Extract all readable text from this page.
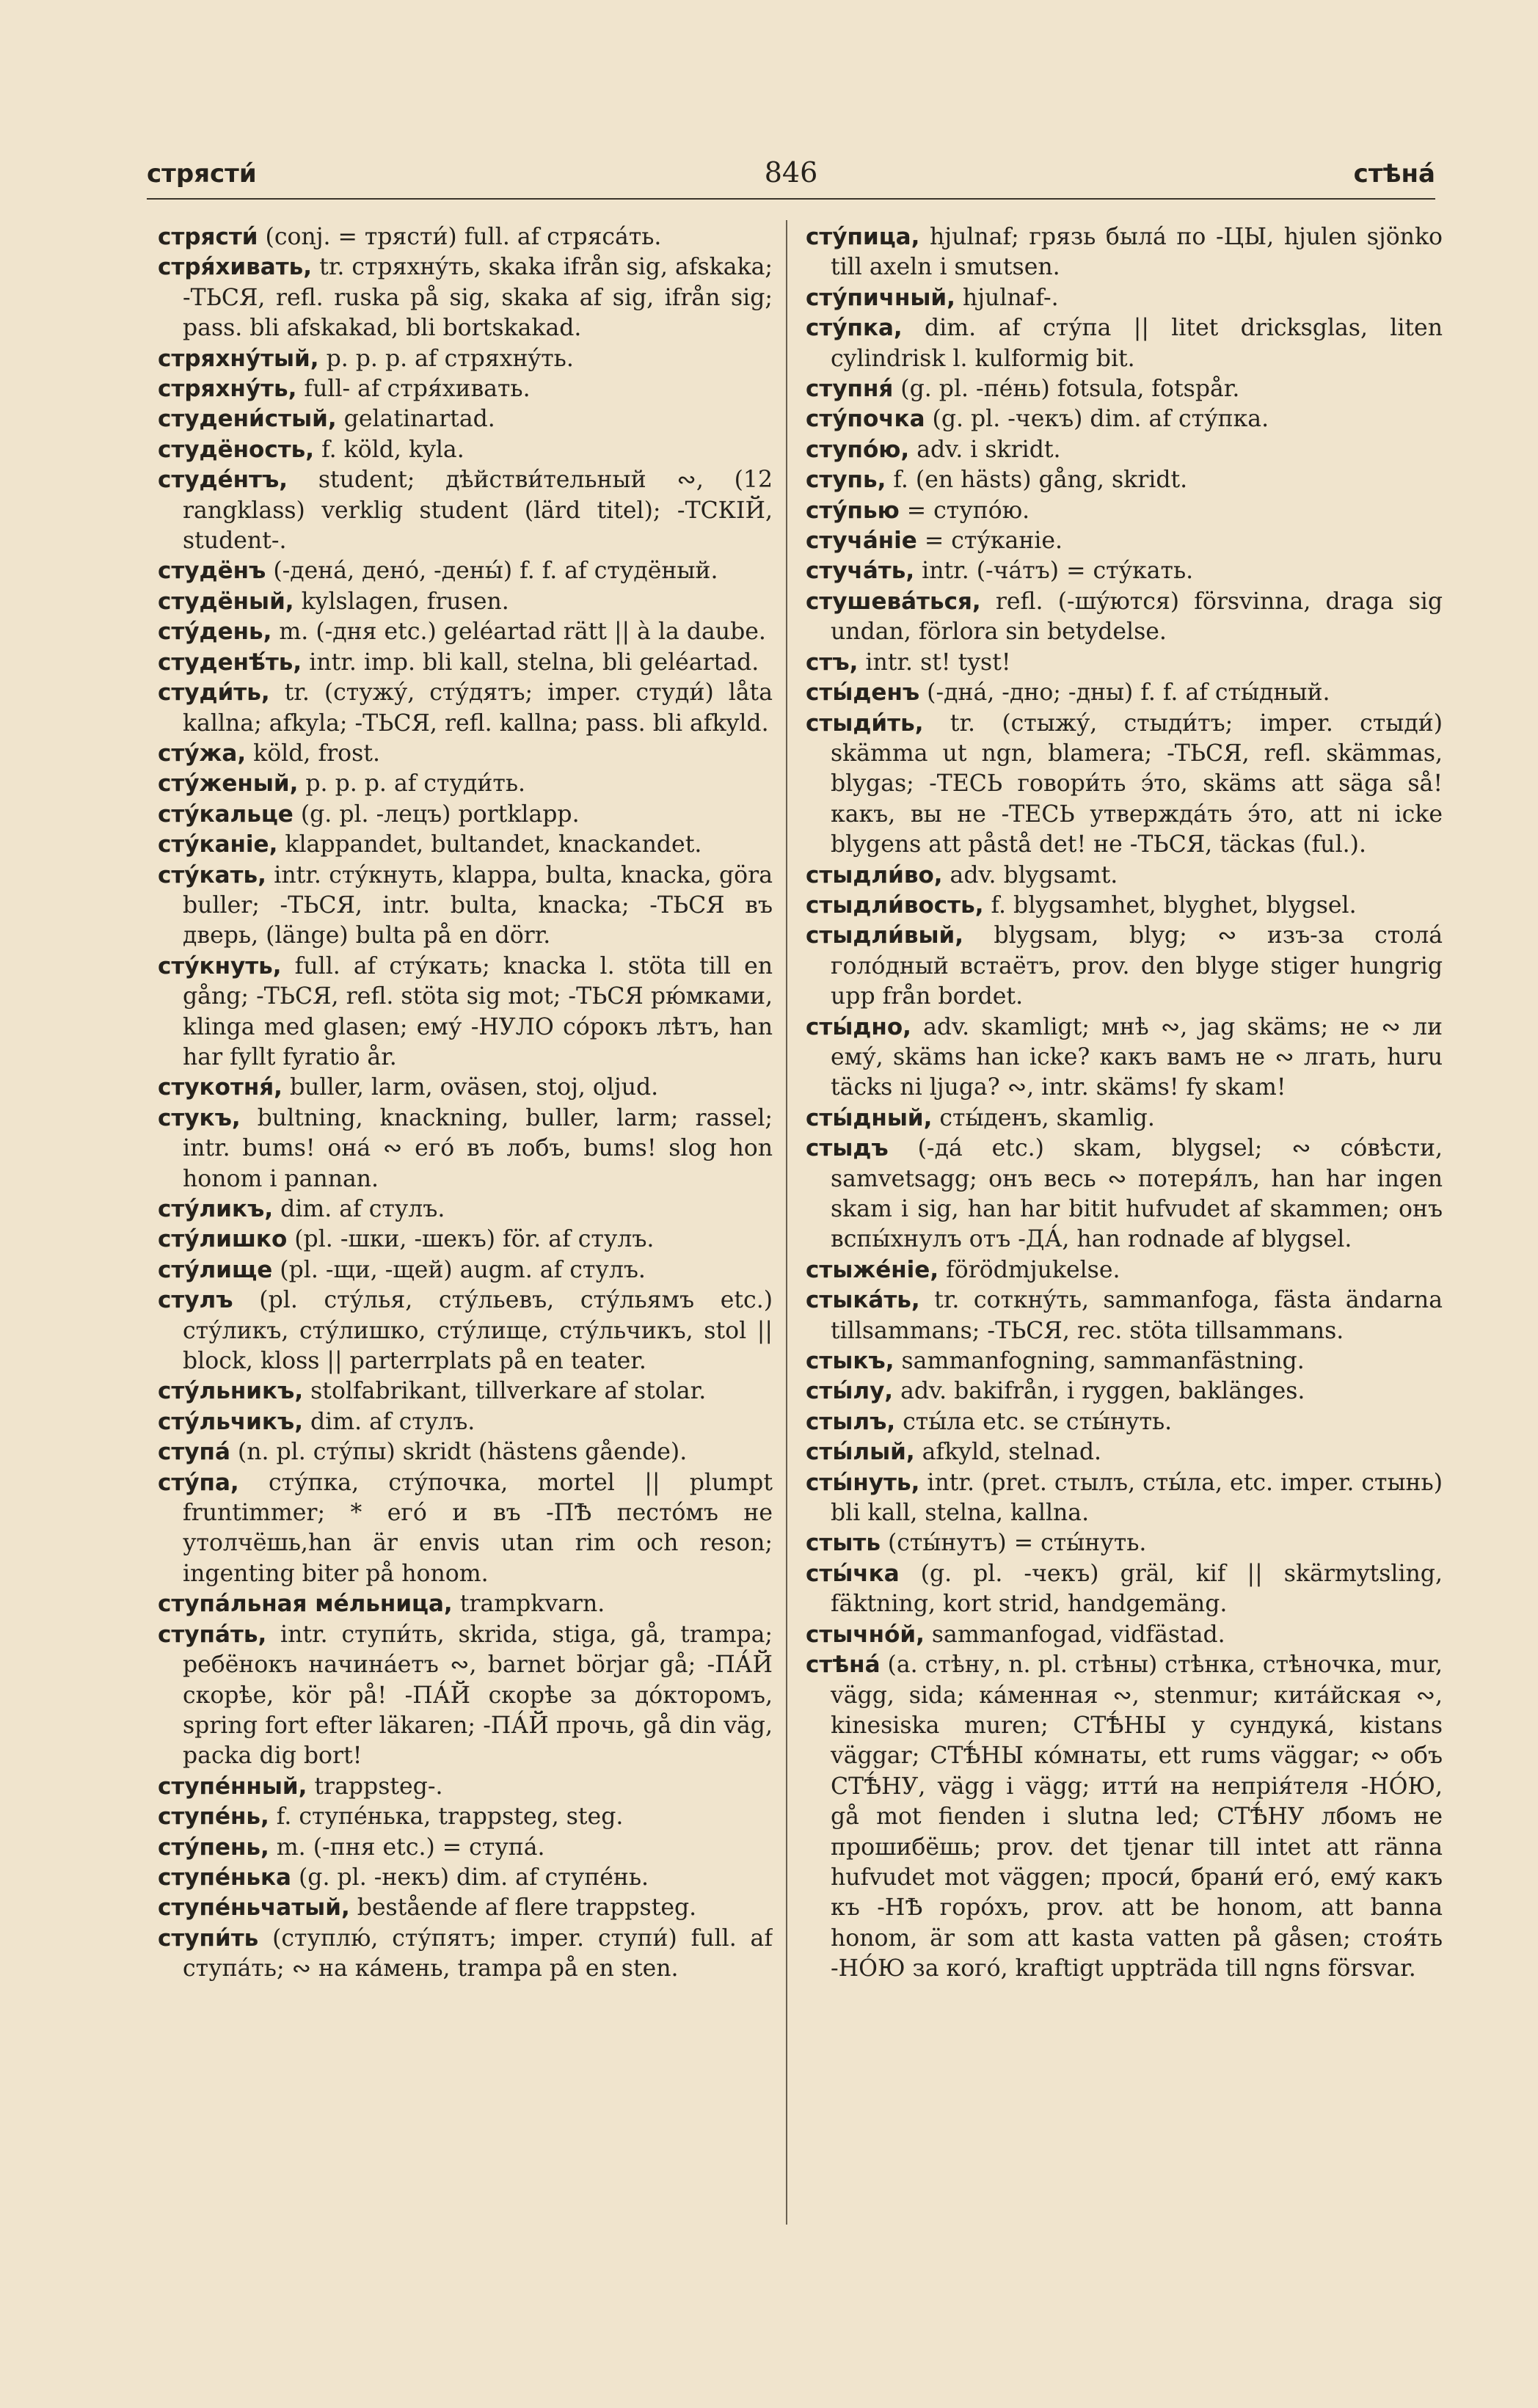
стрясти́	846	стѣна́

стрясти́ (conj. = трясти́) full. af стрясáть.

стря́хивать, tr. стряхнýть, skaka ifrån sig, afskaka; -ТЬСЯ, refl. ruska på sig, skaka af sig, ifrån sig; pass. bli afskakad, bli bortskakad.

стряхну́тый, p. p. p. af стряхнýть.

стряхну́ть, full- af стря́хивать.

студени́стый, gelatinartad.

студёность, f. köld, kyla.

студе́нтъ, student; дѣйстви́тельный ∾, (12 rangklass) verklig student (lärd titel); -ТСКІЙ, student-.

студёнъ (-дена́, дено́, -дены́) f. f. af студёный.

студёный, kylslagen, frusen.

сту́день, m. (-дня etc.) geléartad rätt || à la daube.

студенѣ́ть, intr. imp. bli kall, stelna, bli geléartad.

студи́ть, tr. (стужу́, сту́дятъ; imper. студи́) låta kallna; afkyla; -ТЬСЯ, refl. kallna; pass. bli afkyld.

сту́жа, köld, frost.

сту́женый, p. p. p. af студи́ть.

сту́кальце (g. pl. -лецъ) portklapp.

сту́каніе, klappandet, bultandet, knackandet.

сту́кать, intr. сту́кнуть, klappa, bulta, knacka, göra buller; -ТЬСЯ, intr. bulta, knacka; -ТЬСЯ въ дверь, (länge) bulta på en dörr.

сту́кнуть, full. af сту́кать; knacka l. stöta till en gång; -ТЬСЯ, refl. stöta sig mot; -ТЬСЯ рю́мками, klinga med glasen; ему́ -НУЛО со́рокъ лѣтъ, han har fyllt fyratio år.

стукотня́, buller, larm, oväsen, stoj, oljud.

стукъ, bultning, knackning, buller, larm; rassel; intr. bums! она́ ∾ его́ въ лобъ, bums! slog hon honom i pannan.

сту́ликъ, dim. af стулъ.

сту́лишко (pl. -шки, -шекъ) för. af стулъ.

сту́лище (pl. -щи, -щей) augm. af стулъ.

стулъ (pl. сту́лья, сту́льевъ, сту́льямъ etc.) сту́ликъ, сту́лишко, сту́лище, сту́льчикъ, stol || block, kloss || parterrplats på en teater.

сту́льникъ, stolfabrikant, tillverkare af stolar.

сту́льчикъ, dim. af стулъ.

ступа́ (n. pl. сту́пы) skridt (hästens gående).

сту́па, сту́пка, сту́почка, mortel || plumpt fruntimmer; * его́ и въ -ПѢ пестóмъ не утолчёшь,han är envis utan rim och reson; ingenting biter på honom.

ступа́льная ме́льница, trampkvarn.

ступа́ть, intr. ступи́ть, skrida, stiga, gå, trampa; ребёнокъ начина́етъ ∾, barnet börjar gå; -ПА́Й скорѣе, kör på! -ПА́Й скорѣе за до́кторомъ, spring fort efter läkaren; -ПА́Й прочь, gå din väg, packa dig bort!

ступе́нный, trappsteg-.

ступе́нь, f. ступе́нька, trappsteg, steg.

сту́пень, m. (-пня etc.) = ступа́.

ступе́нька (g. pl. -некъ) dim. af ступе́нь.

ступе́ньчатый, bestående af flere trappsteg.

ступи́ть (ступлю́, сту́пятъ; imper. ступи́) full. af ступа́ть; ∾ на ка́мень, trampa på en sten.

сту́пица, hjulnaf; грязь была́ по -ЦЫ, hjulen sjönko till axeln i smutsen.

сту́пичный, hjulnaf-.

сту́пка, dim. af сту́па || litet dricksglas, liten cylindrisk l. kulformig bit.

ступня́ (g. pl. -пе́нь) fotsula, fotspår.

сту́почка (g. pl. -чекъ) dim. af сту́пка.

ступо́ю, adv. i skridt.

ступь, f. (en hästs) gång, skridt.

сту́пью = ступо́ю.

стуча́ніе = сту́каніе.

стуча́ть, intr. (-ча́тъ) = сту́кать.

стушева́ться, refl. (-шу́ются) försvinna, draga sig undan, förlora sin betydelse.

стъ, intr. st! tyst!

сты́денъ (-дна́, -дно; -дны) f. f. af сты́дный.

стыди́ть, tr. (стыжу́, стыди́тъ; imper. стыди́) skämma ut ngn, blamera; -ТЬСЯ, refl. skämmas, blygas; -ТЕСЬ говори́ть э́то, skäms att säga så! какъ, вы не -ТЕСЬ утвержда́ть э́то, att ni icke blygens att påstå det! не -ТЬСЯ, täckas (ful.).

стыдли́во, adv. blygsamt.

стыдли́вость, f. blygsamhet, blyghet, blygsel.

стыдли́вый, blygsam, blyg; ∾ изъ-за стола́ голо́дный встаётъ, prov. den blyge stiger hungrig upp från bordet.

сты́дно, adv. skamligt; мнѣ ∾, jag skäms; не ∾ ли ему́, skäms han icke? какъ вамъ не ∾ лгать, huru täcks ni ljuga? ∾, intr. skäms! fy skam!

сты́дный, сты́денъ, skamlig.

стыдъ (-да́ etc.) skam, blygsel; ∾ со́вѣсти, samvetsagg; онъ весь ∾ потеря́лъ, han har ingen skam i sig, han har bitit hufvudet af skammen; онъ вспы́хнулъ отъ -ДА́, han rodnade af blygsel.

стыже́ніе, förödmjukelse.

стыка́ть, tr. соткнýть, sammanfoga, fästa ändarna tillsammans; -ТЬСЯ, rec. stöta tillsammans.

стыкъ, sammanfogning, sammanfästning.

сты́лу, adv. bakifrån, i ryggen, baklänges.

стылъ, сты́ла etc. se сты́нуть.

сты́лый, afkyld, stelnad.

сты́нуть, intr. (pret. стылъ, сты́ла, etc. imper. стынь) bli kall, stelna, kallna.

стыть (сты́нутъ) = сты́нуть.

сты́чка (g. pl. -чекъ) gräl, kif || skärmytsling, fäktning, kort strid, handgemäng.

стычно́й, sammanfogad, vidfästad.

стѣна́ (a. стѣну, n. pl. стѣны) стѣнка, стѣночка, mur, vägg, sida; ка́менная ∾, stenmur; кита́йская ∾, kinesiska muren; СТѢ́НЫ у сундука́, kistans väggar; СТѢ́НЫ ко́мнаты, ett rums väggar; ∾ объ СТѢ́НУ, vägg i vägg; итти́ на непрія́теля -НО́Ю, gå mot fienden i slutna led; СТѢ́НУ лбомъ не прошибёшь; prov. det tjenar till intet att ränna hufvudet mot väggen; проси́, брани́ его́, ему́ какъ къ -НѢ горо́хъ, prov. att be honom, att banna honom, är som att kasta vatten på gåsen; стоя́ть -НО́Ю за кого́, kraftigt uppträda till ngns försvar.
